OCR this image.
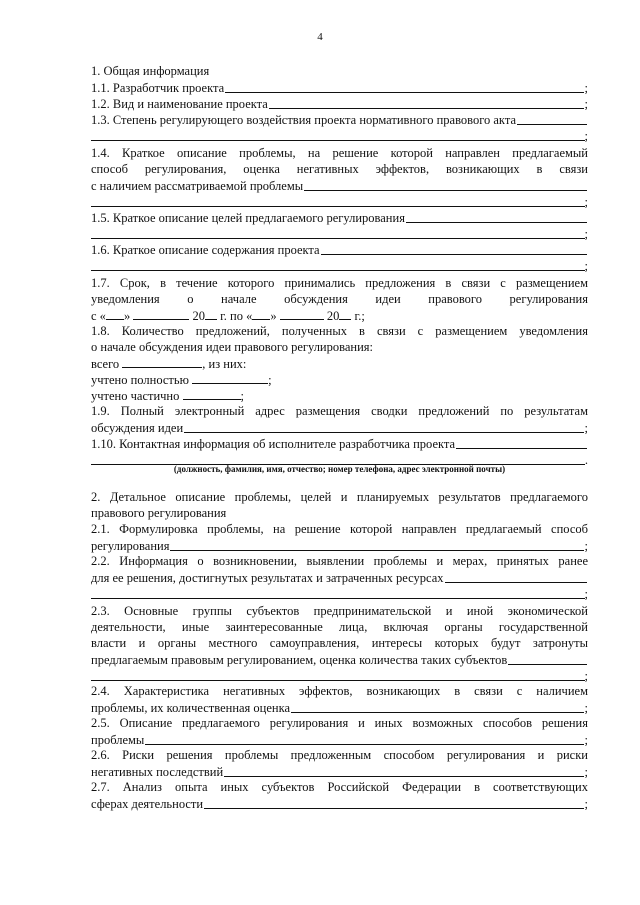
4
1. Общая информация
1.1. Разработчик проекта	;
1.2. Вид и наименование проекта	;
1.3. Степень регулирующего воздействия проекта нормативного правового акта
;
1.4. Краткое описание проблемы, на решение которой направлен предлагаемый
способ регулирования, оценка негативных эффектов, возникающих в связи
с наличием рассматриваемой проблемы
;
1.5. Краткое описание целей предлагаемого регулирования
;
1.6. Краткое описание содержания проекта
;
1.7. Срок, в течение которого принимались предложения в связи с размещением
уведомления о начале обсуждения идеи правового регулирования
с « »	20 г. по « »	20 г.;
1.8. Количество предложений, полученных в связи с размещением уведомления
о начале обсуждения идеи правового регулирования:
всего	, из них:
учтено полностью	;
учтено частично	;
1.9. Полный электронный адрес размещения сводки предложений по результатам
обсуждения идеи	;
1.10. Контактная информация об исполнителе разработчика проекта
.
(должность, фамилия, имя, отчество; номер телефона, адрес электронной почты)
2. Детальное описание проблемы, целей и планируемых результатов предлагаемого
правового регулирования
2.1. Формулировка проблемы, на решение которой направлен предлагаемый способ
регулирования	;
2.2. Информация о возникновении, выявлении проблемы и мерах, принятых ранее
для ее решения, достигнутых результатах и затраченных ресурсах
;
2.3. Основные группы субъектов предпринимательской и иной экономической
деятельности, иные заинтересованные лица, включая органы государственной
власти и органы местного самоуправления, интересы которых будут затронуты
предлагаемым правовым регулированием, оценка количества таких субъектов
;
2.4. Характеристика негативных эффектов, возникающих в связи с наличием
проблемы, их количественная оценка	;
2.5. Описание предлагаемого регулирования и иных возможных способов решения
проблемы	;
2.6. Риски решения проблемы предложенным способом регулирования и риски
негативных последствий	;
2.7. Анализ опыта иных субъектов Российской Федерации в соответствующих
сферах деятельности	;
